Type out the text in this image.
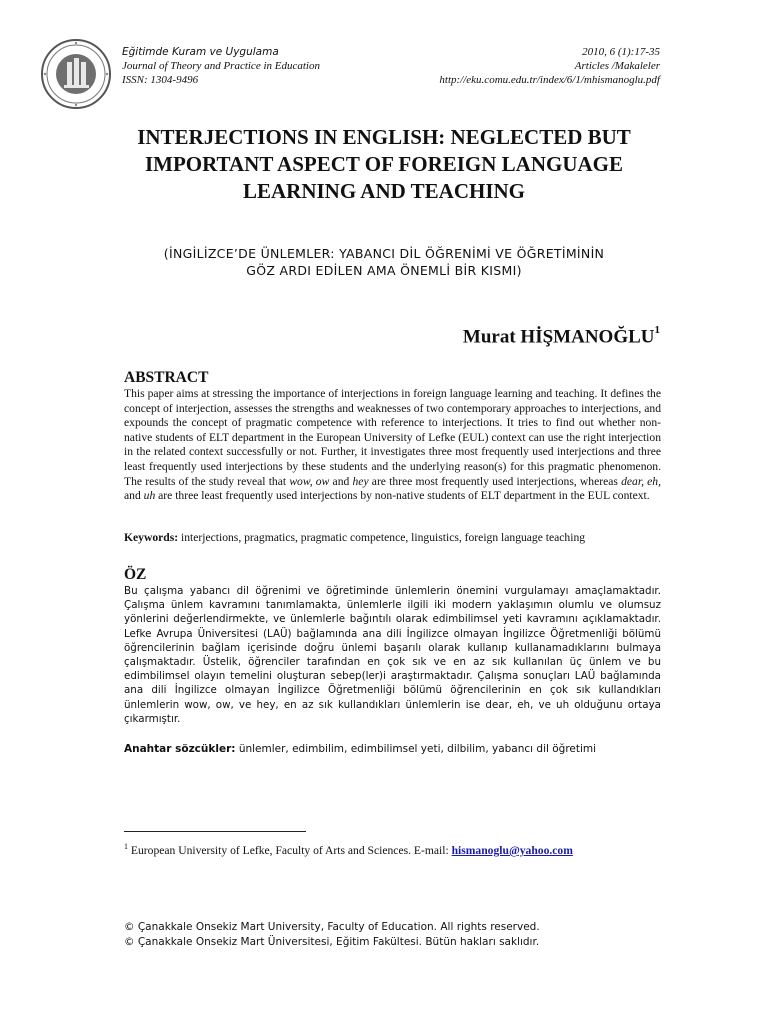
Eğitimde Kuram ve Uygulama
Journal of Theory and Practice in Education
ISSN: 1304-9496
2010, 6 (1):17-35
Articles /Makaleler
http://eku.comu.edu.tr/index/6/1/mhismanoglu.pdf
INTERJECTIONS IN ENGLISH: NEGLECTED BUT
IMPORTANT ASPECT OF FOREIGN LANGUAGE
LEARNING AND TEACHING
(İNGİLİZCE’DE ÜNLEMLER: YABANCI DİL ÖĞRENİMİ VE ÖĞRETİMİNİN
GÖZ ARDI EDİLEN AMA ÖNEMLİ BİR KISMI)
Murat HİŞMANOĞLU$^1$
ABSTRACT
This paper aims at stressing the importance of interjections in foreign language learning and teaching. It defines the concept of interjection, assesses the strengths and weaknesses of two contemporary approaches to interjections, and expounds the concept of pragmatic competence with reference to interjections. It tries to find out whether non-native students of ELT department in the European University of Lefke (EUL) context can use the right interjection in the related context successfully or not. Further, it investigates three most frequently used interjections and three least frequently used interjections by these students and the underlying reason(s) for this pragmatic phenomenon. The results of the study reveal that wow, ow and hey are three most frequently used interjections, whereas dear, eh, and uh are three least frequently used interjections by non-native students of ELT department in the EUL context.
Keywords: interjections, pragmatics, pragmatic competence, linguistics, foreign language teaching
ÖZ
Bu çalışma yabancı dil öğrenimi ve öğretiminde ünlemlerin önemini vurgulamayı amaçlamaktadır. Çalışma ünlem kavramını tanımlamakta, ünlemlerle ilgili iki modern yaklaşımın olumlu ve olumsuz yönlerini değerlendirmekte, ve ünlemlerle bağıntılı olarak edimbilimsel yeti kavramını açıklamaktadır. Lefke Avrupa Üniversitesi (LAÜ) bağlamında ana dili İngilizce olmayan İngilizce Öğretmenliği bölümü öğrencilerinin bağlam içerisinde doğru ünlemi başarılı olarak kullanıp kullanamadıklarını bulmaya çalışmaktadır. Üstelik, öğrenciler tarafından en çok sık ve en az sık kullanılan üç ünlem ve bu edimbilimsel olayın temelini oluşturan sebep(ler)i araştırmaktadır. Çalışma sonuçları LAÜ bağlamında ana dili İngilizce olmayan İngilizce Öğretmenliği bölümü öğrencilerinin en çok sık kullandıkları ünlemlerin wow, ow, ve hey, en az sık kullandıkları ünlemlerin ise dear, eh, ve uh olduğunu ortaya çıkarmıştır.
Anahtar sözcükler: ünlemler, edimbilim, edimbilimsel yeti, dilbilim, yabancı dil öğretimi
$^1$ European University of Lefke, Faculty of Arts and Sciences. E-mail: hismanoglu@yahoo.com
© Çanakkale Onsekiz Mart University, Faculty of Education. All rights reserved.
© Çanakkale Onsekiz Mart Üniversitesi, Eğitim Fakültesi. Bütün hakları saklıdır.
